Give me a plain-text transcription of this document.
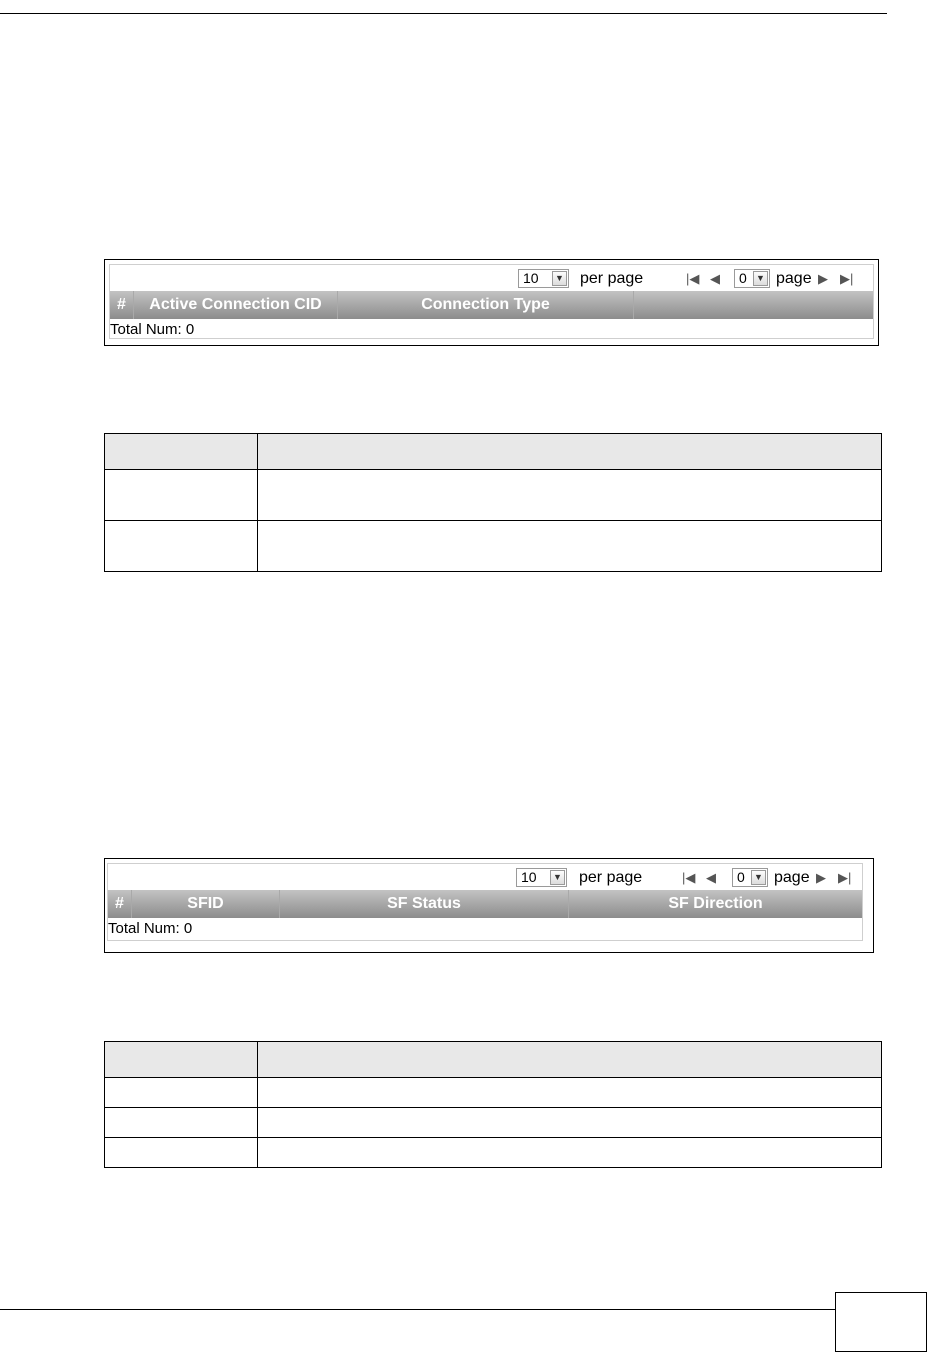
10	▼ per page	|◀ ◀	0	▼ page ▶ ▶|
#	Active Connection CID	Connection Type
Total Num: 0

10	▼ per page	|◀ ◀	0	▼ page ▶ ▶|
#	SFID	SF Status	SF Direction
Total Num: 0
